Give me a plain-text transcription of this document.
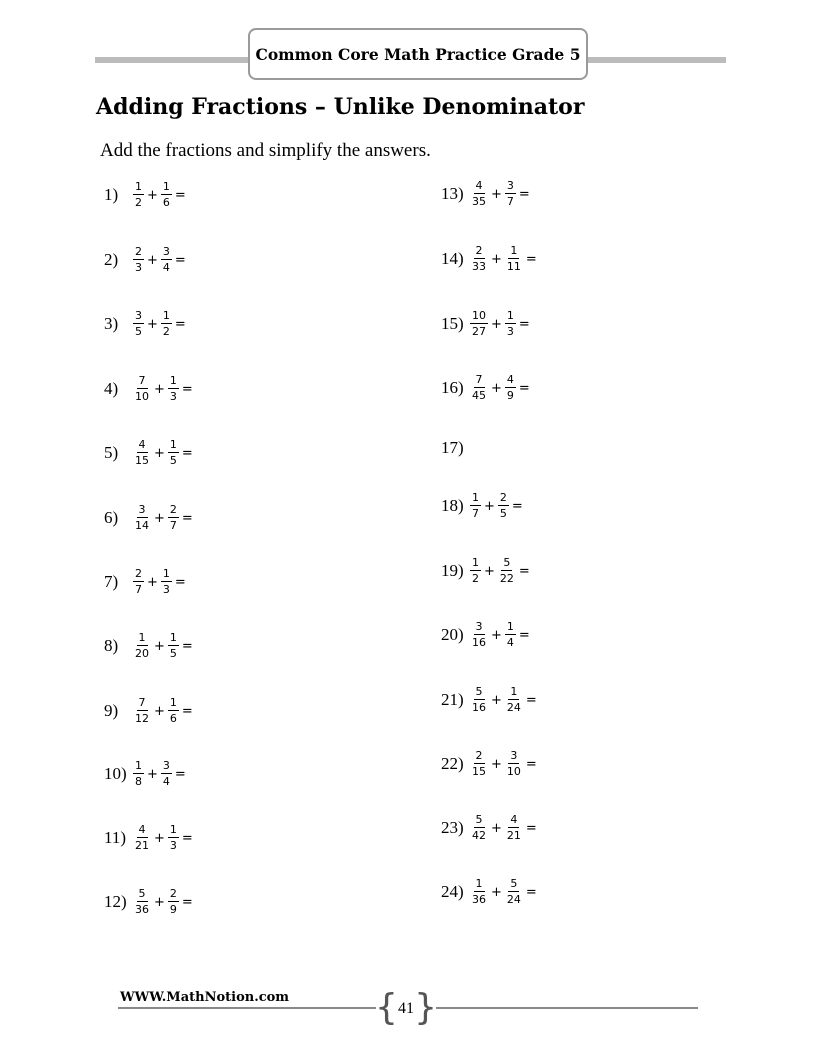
Common Core Math Practice Grade 5
Adding Fractions – Unlike Denominator
Add the fractions and simplify the answers.
1)	$\frac{1}{2} + \frac{1}{6}$ =
2)	$\frac{2}{3} + \frac{3}{4}$ =
3)	$\frac{3}{5} + \frac{1}{2}$ =
4)	$\frac{7}{10} + \frac{1}{3}$ =
5)	$\frac{4}{15} + \frac{1}{5}$ =
6)	$\frac{3}{14} + \frac{2}{7}$ =
7)	$\frac{2}{7} + \frac{1}{3}$ =
8)	$\frac{1}{20} + \frac{1}{5}$ =
9)	$\frac{7}{12} + \frac{1}{6}$ =
$10) \frac{1}{8} + \frac{3}{4}$ =
$11) \frac{4}{21} + \frac{1}{3}$ =
$12) \frac{5}{36} + \frac{2}{9}$ =
$13) \frac{4}{35} + \frac{3}{7}$ =
$14) \frac{2}{33} + \frac{1}{11}$ =
$15) \frac{10}{27} + \frac{1}{3}$ =
$16) \frac{7}{45} + \frac{4}{9}$ =
17)
$18) \frac{1}{7} + \frac{2}{5}$ =
$19) \frac{1}{2} + \frac{5}{22}$ =
$20) \frac{3}{16} + \frac{1}{4}$ =
$21) \frac{5}{16} + \frac{1}{24}$ =
$22) \frac{2}{15} + \frac{3}{10}$ =
$23) \frac{5}{42} + \frac{4}{21}$ =
$24) \frac{1}{36} + \frac{5}{24}$ =
WWW.MathNotion.com { 41 }
